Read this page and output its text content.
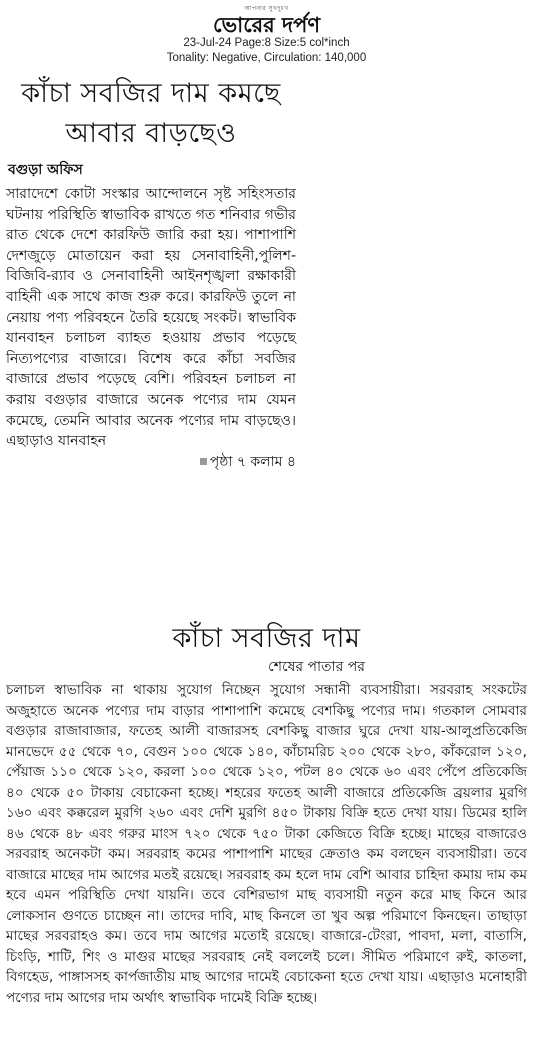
আপনার সুখদুঃখ
ভোরের দর্পণ
23-Jul-24 Page:8 Size:5 col*inch
Tonality: Negative, Circulation: 140,000
কাঁচা সবজির দাম কমছে আবার বাড়ছেও
বগুড়া অফিস
সারাদেশে কোটা সংস্কার আন্দোলনে সৃষ্ট সহিংসতার ঘটনায় পরিস্থিতি স্বাভাবিক রাখতে গত শনিবার গভীর রাত থেকে দেশে কারফিউ জারি করা হয়। পাশাপাশি দেশজুড়ে মোতায়েন করা হয় সেনাবাহিনী,পুলিশ-বিজিবি-র‌্যাব ও সেনাবাহিনী আইনশৃঙ্খলা রক্ষাকারী বাহিনী এক সাথে কাজ শুরু করে। কারফিউ তুলে না নেয়ায় পণ্য পরিবহনে তৈরি হয়েছে সংকট। স্বাভাবিক যানবাহন চলাচল ব্যাহত হওয়ায় প্রভাব পড়েছে নিত্যপণ্যের বাজারে। বিশেষ করে কাঁচা সবজির বাজারে প্রভাব পড়েছে বেশি। পরিবহন চলাচল না করায় বগুড়ার বাজারে অনেক পণ্যের দাম যেমন কমেছে, তেমনি আবার অনেক পণ্যের দাম বাড়ছেও। এছাড়াও যানবাহন
পৃষ্ঠা ৭ কলাম ৪
কাঁচা সবজির দাম
শেষের পাতার পর
চলাচল স্বাভাবিক না থাকায় সুযোগ নিচ্ছেন সুযোগ সন্ধানী ব্যবসায়ীরা। সরবরাহ সংকটের অজুহাতে অনেক পণ্যের দাম বাড়ার পাশাপাশি কমেছে বেশকিছু পণ্যের দাম। গতকাল সোমবার বগুড়ার রাজাবাজার, ফতেহ আলী বাজারসহ বেশকিছু বাজার ঘুরে দেখা যায়-আলুপ্রতিকেজি মানভেদে ৫৫ থেকে ৭০, বেগুন ১০০ থেকে ১৪০, কাঁচামরিচ ২০০ থেকে ২৮০, কাঁকরোল ১২০, পেঁয়াজ ১১০ থেকে ১২০, করলা ১০০ থেকে ১২০, পটল ৪০ থেকে ৬০ এবং পেঁপে প্রতিকেজি ৪০ থেকে ৫০ টাকায় বেচাকেনা হচ্ছে। শহরের ফতেহ আলী বাজারে প্রতিকেজি ব্রয়লার মুরগি ১৬০ এবং কক্করেল মুরগি ২৬০ এবং দেশি মুরগি ৪৫০ টাকায় বিক্রি হতে দেখা যায়। ডিমের হালি ৪৬ থেকে ৪৮ এবং গরুর মাংস ৭২০ থেকে ৭৫০ টাকা কেজিতে বিক্রি হচ্ছে। মাছের বাজারেও সরবরাহ অনেকটা কম। সরবরাহ কমের পাশাপাশি মাছের ক্রেতাও কম বলছেন ব্যবসায়ীরা। তবে বাজারে মাছের দাম আগের মতই রয়েছে। সরবরাহ কম হলে দাম বেশি আবার চাহিদা কমায় দাম কম হবে এমন পরিস্থিতি দেখা যায়নি। তবে বেশিরভাগ মাছ ব্যবসায়ী নতুন করে মাছ কিনে আর লোকসান গুণতে চাচ্ছেন না। তাদের দাবি, মাছ কিনলে তা খুব অল্প পরিমাণে কিনছেন। তাছাড়া মাছের সরবরাহও কম। তবে দাম আগের মতোই রয়েছে। বাজারে-টেংরা, পাবদা, মলা, বাতাসি, চিংড়ি, শাটি, শিং ও মাগুর মাছের সরবরাহ নেই বললেই চলে। সীমিত পরিমাণে রুই, কাতলা, বিগহেড, পাঙ্গাসসহ কার্পজাতীয় মাছ আগের দামেই বেচাকেনা হতে দেখা যায়। এছাড়াও মনোহারী পণ্যের দাম আগের দাম অর্থাৎ স্বাভাবিক দামেই বিক্রি হচ্ছে।
